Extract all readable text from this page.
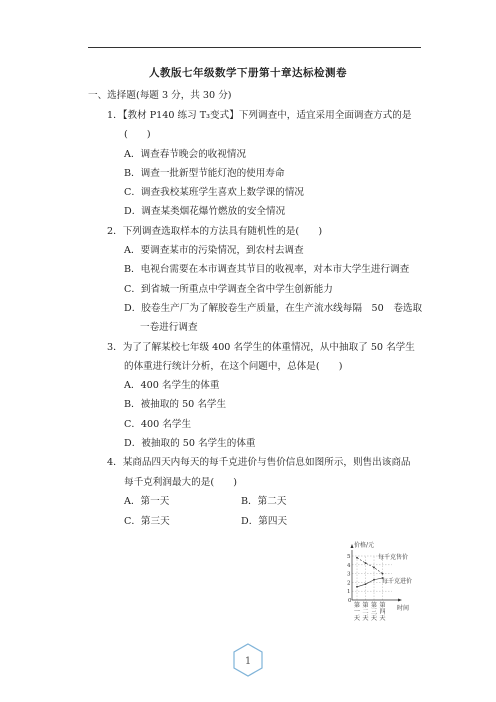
人教版七年级数学下册第十章达标检测卷
一、选择题(每题 3 分，共 30 分)
1．【教材 P140 练习 T₃变式】下列调查中，适宜采用全面调查方式的是
(　　)
A．调查春节晚会的收视情况
B．调查一批新型节能灯泡的使用寿命
C．调查我校某班学生喜欢上数学课的情况
D．调查某类烟花爆竹燃放的安全情况
2．下列调查选取样本的方法具有随机性的是(　　)
A．要调查某市的污染情况，到农村去调查
B．电视台需要在本市调查其节目的收视率，对本市大学生进行调查
C．到省城一所重点中学调查全省中学生创新能力
D．胶卷生产厂为了解胶卷生产质量，在生产流水线每隔　50　卷选取
一卷进行调查
3．为了了解某校七年级 400 名学生的体重情况，从中抽取了 50 名学生
的体重进行统计分析，在这个问题中，总体是(　　)
A．400 名学生的体重
B．被抽取的 50 名学生
C．400 名学生
D．被抽取的 50 名学生的体重
4．某商品四天内每天的每千克进价与售价信息如图所示，则售出该商品
每千克利润最大的是(　　)
A．第一天	B．第二天
C．第三天	D．第四天
价格/元
时间
0
1
2
3
4
5
第
一
天
第
二
天
第
三
天
第
四
天
每千克售价
每千克进价
1
